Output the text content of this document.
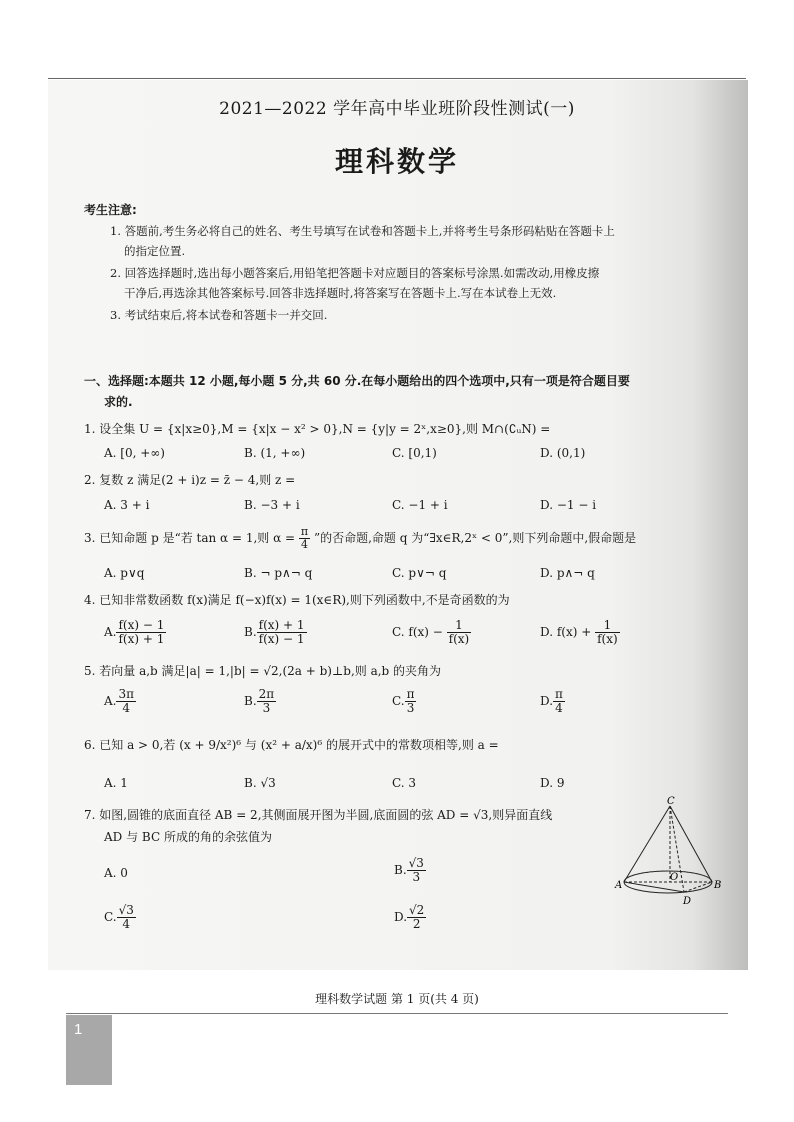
2021—2022 学年高中毕业班阶段性测试(一)
理科数学
考生注意:
1. 答题前,考生务必将自己的姓名、考生号填写在试卷和答题卡上,并将考生号条形码粘贴在答题卡上
的指定位置.
2. 回答选择题时,选出每小题答案后,用铅笔把答题卡对应题目的答案标号涂黑.如需改动,用橡皮擦
干净后,再选涂其他答案标号.回答非选择题时,将答案写在答题卡上.写在本试卷上无效.
3. 考试结束后,将本试卷和答题卡一并交回.
一、选择题:本题共 12 小题,每小题 5 分,共 60 分.在每小题给出的四个选项中,只有一项是符合题目要
求的.
1. 设全集 U = {x|x≥0},M = {x|x − x² > 0},N = {y|y = 2ˣ,x≥0},则 M∩(∁ᵤN) =
A. [0, +∞)	B. (1, +∞)	C. [0,1)	D. (0,1)
2. 复数 z 满足(2 + i)z = z̄ − 4,则 z =
A. 3 + i	B. −3 + i	C. −1 + i	D. −1 − i
3. 已知命题 p 是“若 tan α = 1,则 $\alpha = \frac{\pi}{4}$ ”的否命题,命题 q 为“∃x∈R,2ˣ < 0”,则下列命题中,假命题是
A. p∨q	B. ¬ p∧¬ q	C. p∨¬ q	D. p∧¬ q
4. 已知非常数函数 f(x)满足 f(−x)f(x) = 1(x∈R),则下列函数中,不是奇函数的为
A. $\frac{f(x) - 1}{f(x) + 1}$	B. $\frac{f(x) + 1}{f(x) - 1}$	C. $f(x) - \frac{1}{f(x)}$	D. $f(x) + \frac{1}{f(x)}$
5. 若向量 a,b 满足|a| = 1,|b| = √2,(2a + b)⊥b,则 a,b 的夹角为
A. $\frac{3\pi}{4}$	B. $\frac{2\pi}{3}$	C. $\frac{\pi}{3}$	D. $\frac{\pi}{4}$
6. 已知 a > 0,若 (x + 9/x²)⁶ 与 (x² + a/x)⁶ 的展开式中的常数项相等,则 a =
A. 1	B. √3	C. 3	D. 9
7. 如图,圆锥的底面直径 AB = 2,其侧面展开图为半圆,底面圆的弦 AD = √3,则异面直线
AD 与 BC 所成的角的余弦值为
A. 0	B. $\frac{√3}{3}$
C. $\frac{√3}{4}$	D. $\frac{√2}{2}$
C
A
O
B
D
理科数学试题 第 1 页(共 4 页)
1
